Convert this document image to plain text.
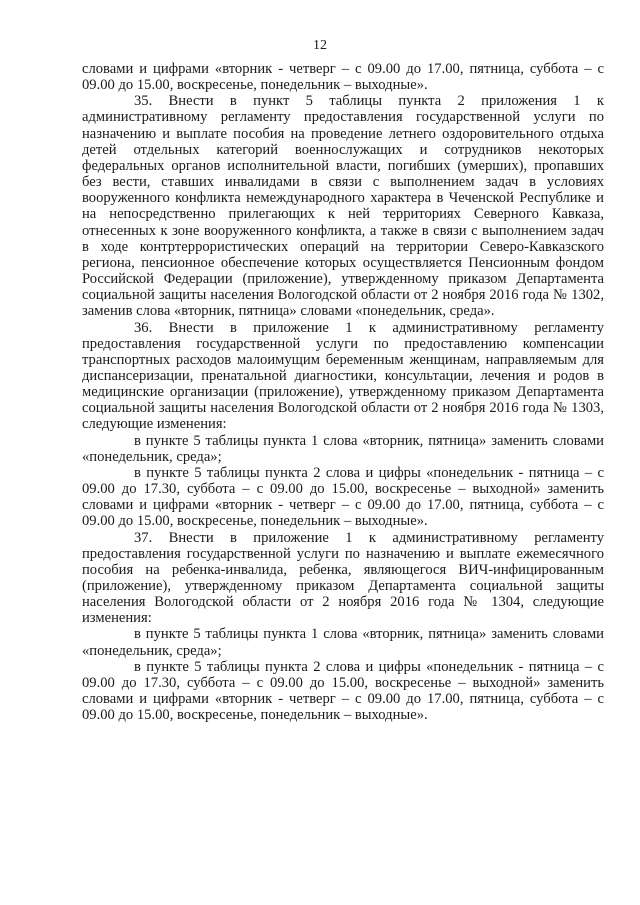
12

словами и цифрами «вторник - четверг – с 09.00 до 17.00, пятница, суббота – с 09.00 до 15.00, воскресенье, понедельник – выходные».

35. Внести в пункт 5 таблицы пункта 2 приложения 1 к административному регламенту предоставления государственной услуги по назначению и выплате пособия на проведение летнего оздоровительного отдыха детей отдельных категорий военнослужащих и сотрудников некоторых федеральных органов исполнительной власти, погибших (умерших), пропавших без вести, ставших инвалидами в связи с выполнением задач в условиях вооруженного конфликта немеждународного характера в Чеченской Республике и на непосредственно прилегающих к ней территориях Северного Кавказа, отнесенных к зоне вооруженного конфликта, а также в связи с выполнением задач в ходе контртеррористических операций на территории Северо-Кавказского региона, пенсионное обеспечение которых осуществляется Пенсионным фондом Российской Федерации (приложение), утвержденному приказом Департамента социальной защиты населения Вологодской области от 2 ноября 2016 года № 1302, заменив слова «вторник, пятница» словами «понедельник, среда».

36. Внести в приложение 1 к административному регламенту предоставления государственной услуги по предоставлению компенсации транспортных расходов малоимущим беременным женщинам, направляемым для диспансеризации, пренатальной диагностики, консультации, лечения и родов в медицинские организации (приложение), утвержденному приказом Департамента социальной защиты населения Вологодской области от 2 ноября 2016 года № 1303, следующие изменения:

в пункте 5 таблицы пункта 1 слова «вторник, пятница» заменить словами «понедельник, среда»;

в пункте 5 таблицы пункта 2 слова и цифры «понедельник - пятница – с 09.00 до 17.30, суббота – с 09.00 до 15.00, воскресенье – выходной» заменить словами и цифрами «вторник - четверг – с 09.00 до 17.00, пятница, суббота – с 09.00 до 15.00, воскресенье, понедельник – выходные».

37. Внести в приложение 1 к административному регламенту предоставления государственной услуги по назначению и выплате ежемесячного пособия на ребенка-инвалида, ребенка, являющегося ВИЧ-инфицированным (приложение), утвержденному приказом Департамента социальной защиты населения Вологодской области от 2 ноября 2016 года № 1304, следующие изменения:

в пункте 5 таблицы пункта 1 слова «вторник, пятница» заменить словами «понедельник, среда»;

в пункте 5 таблицы пункта 2 слова и цифры «понедельник - пятница – с 09.00 до 17.30, суббота – с 09.00 до 15.00, воскресенье – выходной» заменить словами и цифрами «вторник - четверг – с 09.00 до 17.00, пятница, суббота – с 09.00 до 15.00, воскресенье, понедельник – выходные».
